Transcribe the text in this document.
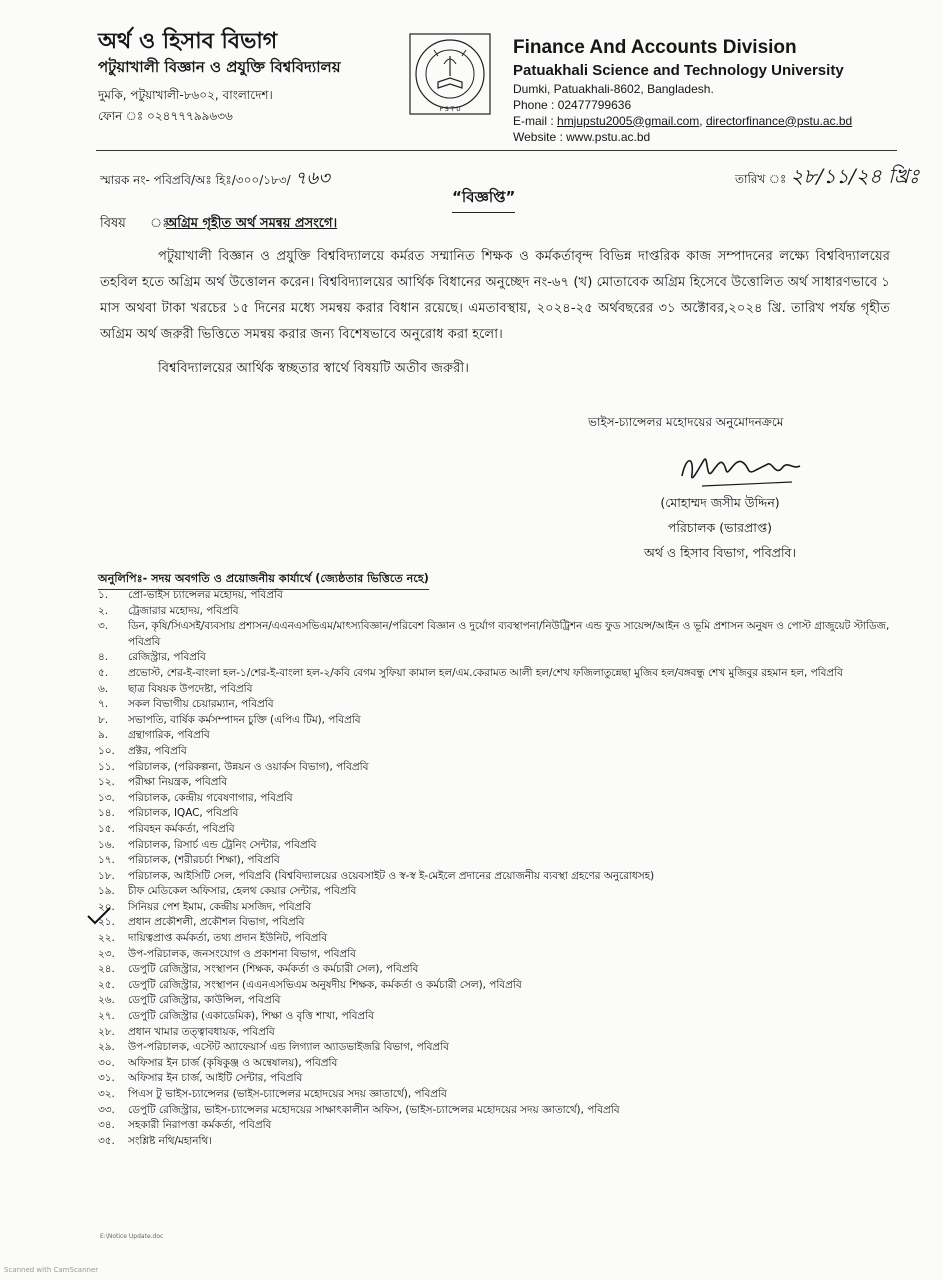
অর্থ ও হিসাব বিভাগ
পটুয়াখালী বিজ্ঞান ও প্রযুক্তি বিশ্ববিদ্যালয়
দুমকি, পটুয়াখালী-৮৬০২, বাংলাদেশ।
ফোন ঃ ০২৪৭৭৭৯৯৬৩৬	P S T U
Finance And Accounts Division
Patuakhali Science and Technology University
Dumki, Patuakhali-8602, Bangladesh.
Phone : 02477799636
E-mail : hmjupstu2005@gmail.com, directorfinance@pstu.ac.bd
Website : www.pstu.ac.bd
স্মারক নং- পবিপ্রবি/অঃ হিঃ/৩০০/১৮৩/ ৭৬৩	তারিখ ঃ ২৮/১১/২৪ খ্রিঃ
“বিজ্ঞপ্তি”
বিষয় ঃঅগ্রিম গৃহীত অর্থ সমন্বয় প্রসংগে।

পটুয়াখালী বিজ্ঞান ও প্রযুক্তি বিশ্ববিদ্যালয়ে কর্মরত সম্মানিত শিক্ষক ও কর্মকর্তাবৃন্দ বিভিন্ন দাপ্তরিক কাজ সম্পাদনের লক্ষ্যে বিশ্ববিদ্যালয়ের তহবিল হতে অগ্রিম অর্থ উত্তোলন করেন। বিশ্ববিদ্যালয়ের আর্থিক বিধানের অনুচ্ছেদ নং-৬৭ (খ) মোতাবেক অগ্রিম হিসেবে উত্তোলিত অর্থ সাধারণভাবে ১ মাস অথবা টাকা খরচের ১৫ দিনের মধ্যে সমন্বয় করার বিধান রয়েছে। এমতাবস্থায়, ২০২৪-২৫ অর্থবছরের ৩১ অক্টোবর,২০২৪ খ্রি. তারিখ পর্যন্ত গৃহীত অগ্রিম অর্থ জরুরী ভিত্তিতে সমন্বয় করার জন্য বিশেষভাবে অনুরোধ করা হলো।

বিশ্ববিদ্যালয়ের আর্থিক স্বচ্ছতার স্বার্থে বিষয়টি অতীব জরুরী।

ভাইস-চ্যান্সেলর মহোদয়ের অনুমোদনক্রমে
(মোহাম্মদ জসীম উদ্দিন)
পরিচালক (ভারপ্রাপ্ত)
অর্থ ও হিসাব বিভাগ, পবিপ্রবি।
অনুলিপিঃ- সদয় অবগতি ও প্রয়োজনীয় কার্যার্থে (জ্যেষ্ঠতার ভিত্তিতে নহে)
১.	প্রো-ভাইস চ্যান্সেলর মহোদয়, পবিপ্রবি
২.	ট্রেজারার মহোদয়, পবিপ্রবি
৩.	ডিন, কৃষি/সিএসই/ব্যবসায় প্রশাসন/এএনএসভিএম/মাৎস্যবিজ্ঞান/পরিবেশ বিজ্ঞান ও দুর্যোগ ব্যবস্থাপনা/নিউট্রিশন এন্ড ফুড সায়েন্স/আইন ও ভূমি প্রশাসন অনুষদ ও পোস্ট গ্রাজুয়েট স্টাডিজ, পবিপ্রবি
৪.	রেজিস্ট্রার, পবিপ্রবি
৫.	প্রভোস্ট, শের-ই-বাংলা হল-১/শের-ই-বাংলা হল-২/কবি বেগম সুফিয়া কামাল হল/এম.কেরামত আলী হল/শেখ ফজিলাতুন্নেছা মুজিব হল/বঙ্গবন্ধু শেখ মুজিবুর রহমান হল, পবিপ্রবি
৬.	ছাত্র বিষয়ক উপদেষ্টা, পবিপ্রবি
৭.	সকল বিভাগীয় চেয়ারম্যান, পবিপ্রবি
৮.	সভাপতি, বার্ষিক কর্মসম্পাদন চুক্তি (এপিএ টিম), পবিপ্রবি
৯.	গ্রন্থাগারিক, পবিপ্রবি
১০.	প্রক্টর, পবিপ্রবি
১১.	পরিচালক, (পরিকল্পনা, উন্নয়ন ও ওয়ার্কস বিভাগ), পবিপ্রবি
১২.	পরীক্ষা নিয়ন্ত্রক, পবিপ্রবি
১৩.	পরিচালক, কেন্দ্রীয় গবেষণাগার, পবিপ্রবি
১৪.	পরিচালক, IQAC, পবিপ্রবি
১৫.	পরিবহন কর্মকর্তা, পবিপ্রবি
১৬.	পরিচালক, রিসার্চ এন্ড ট্রেনিং সেন্টার, পবিপ্রবি
১৭.	পরিচালক, (শরীরচর্চা শিক্ষা), পবিপ্রবি
১৮.	পরিচালক, আইসিটি সেল, পবিপ্রবি (বিশ্ববিদ্যালয়ের ওয়েবসাইট ও স্ব-স্ব ই-মেইলে প্রদানের প্রয়োজনীয় ব্যবস্থা গ্রহণের অনুরোধসহ)
১৯.	চীফ মেডিকেল অফিসার, হেলথ কেয়ার সেন্টার, পবিপ্রবি
২০.	সিনিয়র পেশ ইমাম, কেন্দ্রীয় মসজিদ, পবিপ্রবি
২১.	প্রধান প্রকৌশলী, প্রকৌশল বিভাগ, পবিপ্রবি
২২.	দায়িত্বপ্রাপ্ত কর্মকর্তা, তথ্য প্রদান ইউনিট, পবিপ্রবি
২৩.	উপ-পরিচালক, জনসংযোগ ও প্রকাশনা বিভাগ, পবিপ্রবি
২৪.	ডেপুটি রেজিস্ট্রার, সংস্থাপন (শিক্ষক, কর্মকর্তা ও কর্মচারী সেল), পবিপ্রবি
২৫.	ডেপুটি রেজিস্ট্রার, সংস্থাপন (এএনএসভিএম অনুষদীয় শিক্ষক, কর্মকর্তা ও কর্মচারী সেল), পবিপ্রবি
২৬.	ডেপুটি রেজিস্ট্রার, কাউন্সিল, পবিপ্রবি
২৭.	ডেপুটি রেজিস্ট্রার (একাডেমিক), শিক্ষা ও বৃত্তি শাখা, পবিপ্রবি
২৮.	প্রধান খামার তত্ত্বাবধায়ক, পবিপ্রবি
২৯.	উপ-পরিচালক, এস্টেট অ্যাফেয়ার্স এন্ড লিগ্যাল অ্যাডভাইজরি বিভাগ, পবিপ্রবি
৩০.	অফিসার ইন চার্জ (কৃষিকুঞ্জ ও অন্বেষালয়), পবিপ্রবি
৩১.	অফিসার ইন চার্জ, আইটি সেন্টার, পবিপ্রবি
৩২.	পিএস টু ভাইস-চ্যান্সেলর (ভাইস-চ্যান্সেলর মহোদয়ের সদয় জ্ঞাতার্থে), পবিপ্রবি
৩৩.	ডেপুটি রেজিস্ট্রার, ভাইস-চ্যান্সেলর মহোদয়ের সাক্ষাৎকালীন অফিস, (ভাইস-চ্যান্সেলর মহোদয়ের সদয় জ্ঞাতার্থে), পবিপ্রবি
৩৪.	সহকারী নিরাপত্তা কর্মকর্তা, পবিপ্রবি
৩৫.	সংশ্লিষ্ট নথি/মহানথি।
E:\Notice Update.doc
Scanned with CamScanner
